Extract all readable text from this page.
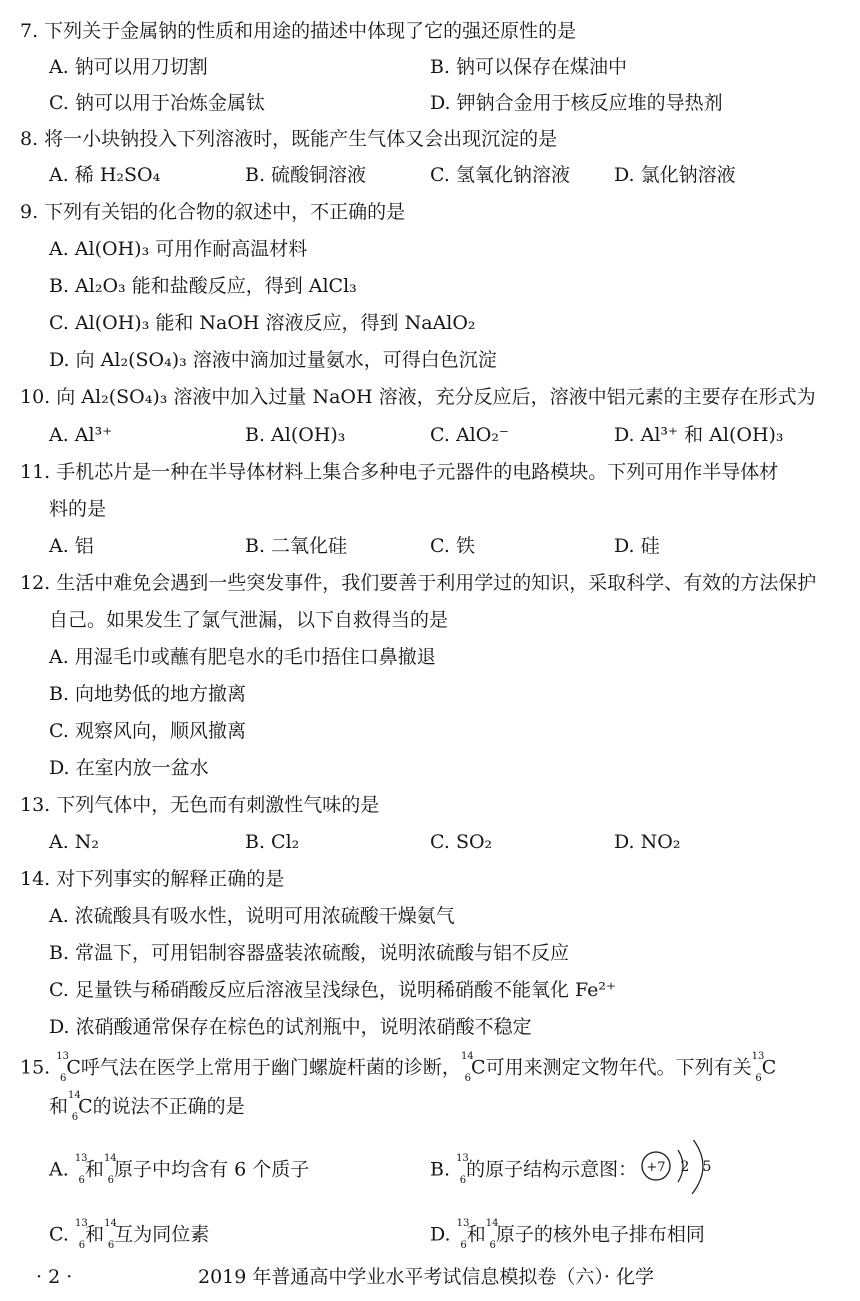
7. 下列关于金属钠的性质和用途的描述中体现了它的强还原性的是
A. 钠可以用刀切割	B. 钠可以保存在煤油中
C. 钠可以用于冶炼金属钛	D. 钾钠合金用于核反应堆的导热剂
8. 将一小块钠投入下列溶液时，既能产生气体又会出现沉淀的是
A. 稀 H₂SO₄	B. 硫酸铜溶液	C. 氢氧化钠溶液 D. 氯化钠溶液
9. 下列有关铝的化合物的叙述中，不正确的是
A. Al(OH)₃ 可用作耐高温材料
B. Al₂O₃ 能和盐酸反应，得到 AlCl₃
C. Al(OH)₃ 能和 NaOH 溶液反应，得到 NaAlO₂
D. 向 Al₂(SO₄)₃ 溶液中滴加过量氨水，可得白色沉淀
10. 向 Al₂(SO₄)₃ 溶液中加入过量 NaOH 溶液，充分反应后，溶液中铝元素的主要存在形式为
A. Al³⁺	B. Al(OH)₃	C. AlO₂⁻	D. Al³⁺ 和 Al(OH)₃
11. 手机芯片是一种在半导体材料上集合多种电子元器件的电路模块。下列可用作半导体材
料的是
A. 铝	B. 二氧化硅	C. 铁	D. 硅
12. 生活中难免会遇到一些突发事件，我们要善于利用学过的知识，采取科学、有效的方法保护
自己。如果发生了氯气泄漏，以下自救得当的是
A. 用湿毛巾或蘸有肥皂水的毛巾捂住口鼻撤退
B. 向地势低的地方撤离
C. 观察风向，顺风撤离
D. 在室内放一盆水
13. 下列气体中，无色而有刺激性气味的是
A. N₂	B. Cl₂	C. SO₂	D. NO₂
14. 对下列事实的解释正确的是
A. 浓硫酸具有吸水性，说明可用浓硫酸干燥氨气
B. 常温下，可用铝制容器盛装浓硫酸，说明浓硫酸与铝不反应
C. 足量铁与稀硝酸反应后溶液呈浅绿色，说明稀硝酸不能氧化 Fe²⁺
D. 浓硝酸通常保存在棕色的试剂瓶中，说明浓硝酸不稳定
15. $^{13}_6$C呼气法在医学上常用于幽门螺旋杆菌的诊断，$^{14}_6$C可用来测定文物年代。下列有关$^{13}_6$C
和$^{14}_6$C的说法不正确的是
A. $^{13}_6$和$^{14}_6$原子中均含有 6 个质子	B. $^{13}_6$的原子结构示意图： +7 2 5
C. $^{13}_6$和$^{14}_6$互为同位素	D. $^{13}_6$和$^{14}_6$原子的核外电子排布相同
· 2 ·	2019 年普通高中学业水平考试信息模拟卷（六）· 化学
